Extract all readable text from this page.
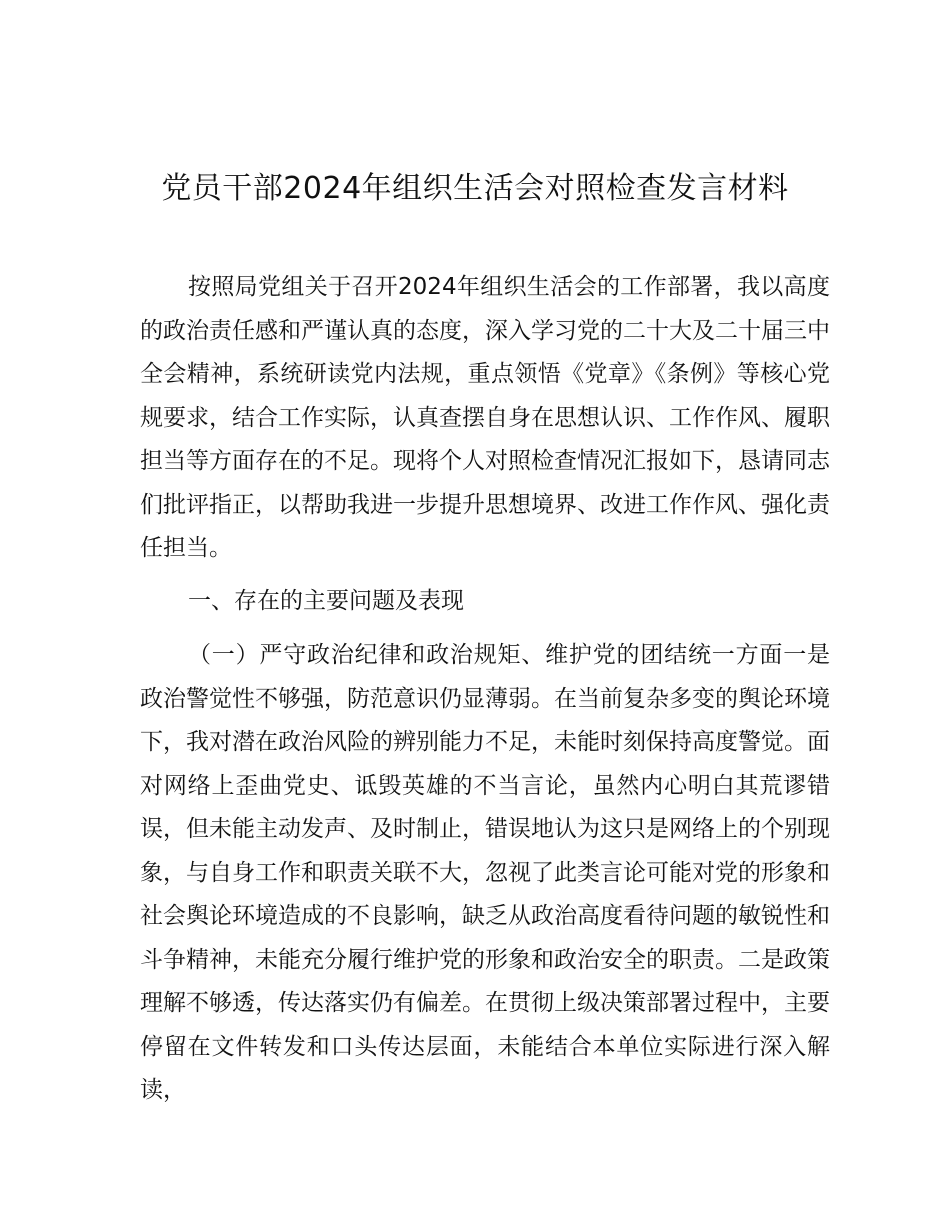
党员干部2024年组织生活会对照检查发言材料

按照局党组关于召开2024年组织生活会的工作部署，我以高度的政治责任感和严谨认真的态度，深入学习党的二十大及二十届三中全会精神，系统研读党内法规，重点领悟《党章》《条例》等核心党规要求，结合工作实际，认真查摆自身在思想认识、工作作风、履职担当等方面存在的不足。现将个人对照检查情况汇报如下，恳请同志们批评指正，以帮助我进一步提升思想境界、改进工作作风、强化责任担当。

一、存在的主要问题及表现

（一）严守政治纪律和政治规矩、维护党的团结统一方面一是政治警觉性不够强，防范意识仍显薄弱。在当前复杂多变的舆论环境下，我对潜在政治风险的辨别能力不足，未能时刻保持高度警觉。面对网络上歪曲党史、诋毁英雄的不当言论，虽然内心明白其荒谬错误，但未能主动发声、及时制止，错误地认为这只是网络上的个别现象，与自身工作和职责关联不大，忽视了此类言论可能对党的形象和社会舆论环境造成的不良影响，缺乏从政治高度看待问题的敏锐性和斗争精神，未能充分履行维护党的形象和政治安全的职责。二是政策理解不够透，传达落实仍有偏差。在贯彻上级决策部署过程中，主要停留在文件转发和口头传达层面，未能结合本单位实际进行深入解读，
